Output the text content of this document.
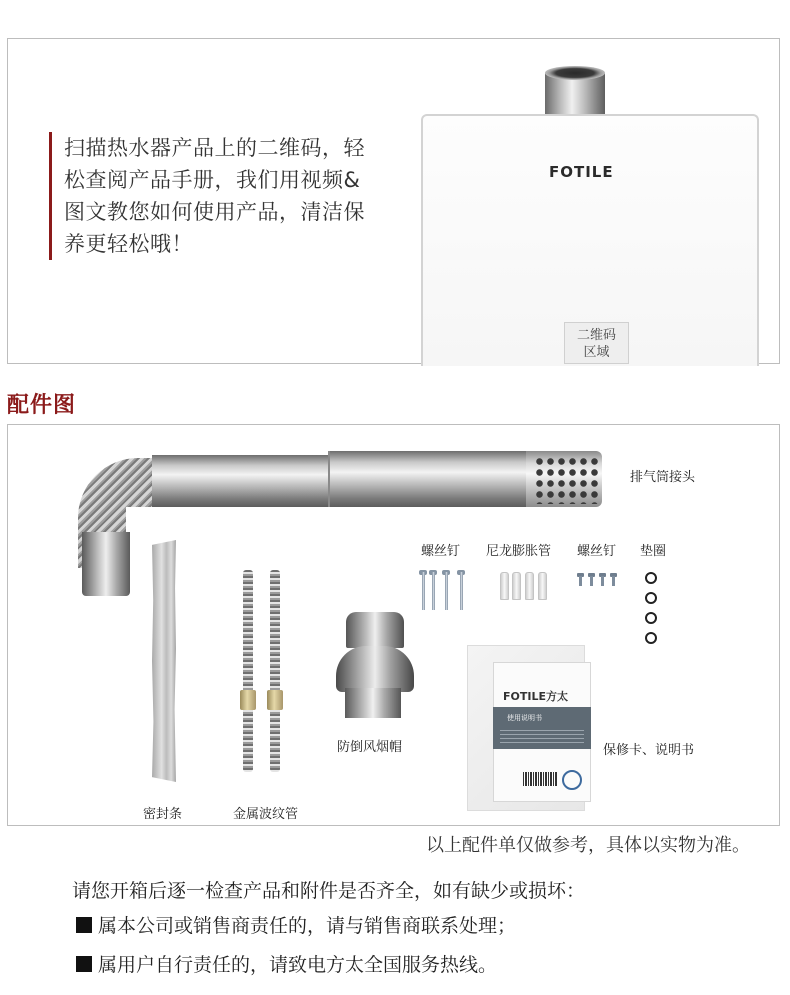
扫描热水器产品上的二维码，轻
松查阅产品手册，我们用视频&
图文教您如何使用产品，清洁保
养更轻松哦！
FOTILE
二维码
区域
配件图
排气筒接头
螺丝钉 尼龙膨胀管 螺丝钉 垫圈
密封条	金属波纹管
防倒风烟帽
FOTILE方太
使用说明书
保修卡、说明书
以上配件单仅做参考，具体以实物为准。
请您开箱后逐一检查产品和附件是否齐全，如有缺少或损坏：
属本公司或销售商责任的，请与销售商联系处理；
属用户自行责任的，请致电方太全国服务热线。
